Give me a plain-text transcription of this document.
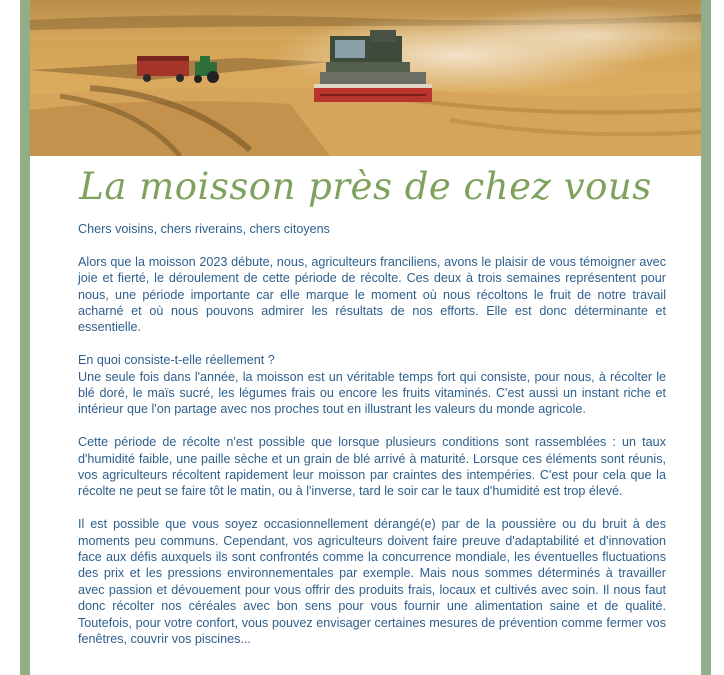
La moisson près de chez vous

Chers voisins, chers riverains, chers citoyens

Alors que la moisson 2023 débute, nous, agriculteurs franciliens, avons le plaisir de vous témoigner avec joie et fierté, le déroulement de cette période de récolte. Ces deux à trois semaines représentent pour nous, une période importante car elle marque le moment où nous récoltons le fruit de notre travail acharné et où nous pouvons admirer les résultats de nos efforts. Elle est donc déterminante et essentielle.

En quoi consiste-t-elle réellement ?

Une seule fois dans l'année, la moisson est un véritable temps fort qui consiste, pour nous, à récolter le blé doré, le maïs sucré, les légumes frais ou encore les fruits vitaminés. C'est aussi un instant riche et intérieur que l'on partage avec nos proches tout en illustrant les valeurs du monde agricole.

Cette période de récolte n'est possible que lorsque plusieurs conditions sont rassemblées : un taux d'humidité faible, une paille sèche et un grain de blé arrivé à maturité. Lorsque ces éléments sont réunis, vos agriculteurs récoltent rapidement leur moisson par craintes des intempéries. C'est pour cela que la récolte ne peut se faire tôt le matin, ou à l'inverse, tard le soir car le taux d'humidité est trop élevé.

Il est possible que vous soyez occasionnellement dérangé(e) par de la poussière ou du bruit à des moments peu communs. Cependant, vos agriculteurs doivent faire preuve d'adaptabilité et d'innovation face aux défis auxquels ils sont confrontés comme la concurrence mondiale, les éventuelles fluctuations des prix et les pressions environnementales par exemple. Mais nous sommes déterminés à travailler avec passion et dévouement pour vous offrir des produits frais, locaux et cultivés avec soin. Il nous faut donc récolter nos céréales avec bon sens pour vous fournir une alimentation saine et de qualité. Toutefois, pour votre confort, vous pouvez envisager certaines mesures de prévention comme fermer vos fenêtres, couvrir vos piscines...
